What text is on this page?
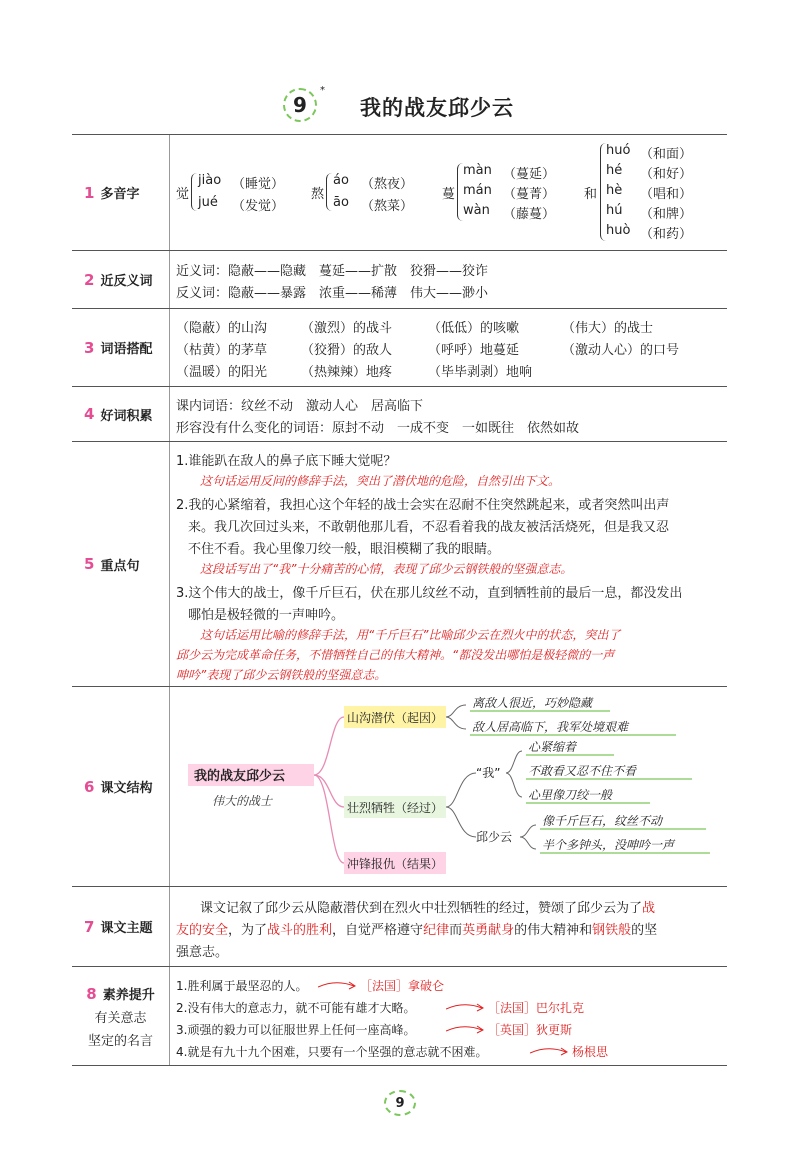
9
*
我的战友邱少云
1 多音字	觉
jiào （睡觉）
jué （发觉）
熬
áo （熬夜）
āo （熬菜）
蔓
màn （蔓延）
mán （蔓菁）
wàn （藤蔓）
和
huó （和面）
hé （和好）
hè （唱和）
hú （和牌）
huò （和药）
2 近反义词
近义词：隐蔽——隐藏　蔓延——扩散　狡猾——狡诈
反义词：隐蔽——暴露　浓重——稀薄　伟大——渺小
3 词语搭配
（隐蔽）的山沟	（激烈）的战斗	（低低）的咳嗽	（伟大）的战士
（枯黄）的茅草	（狡猾）的敌人	（呼呼）地蔓延	（激动人心）的口号
（温暖）的阳光	（热辣辣）地疼	（毕毕剥剥）地响
4 好词积累
课内词语：纹丝不动　激动人心　居高临下
形容没有什么变化的词语：原封不动　一成不变　一如既往　依然如故
5 重点句
1.谁能趴在敌人的鼻子底下睡大觉呢？
这句话运用反问的修辞手法，突出了潜伏地的危险，自然引出下文。
2.我的心紧缩着，我担心这个年轻的战士会实在忍耐不住突然跳起来，或者突然叫出声
来。我几次回过头来，不敢朝他那儿看，不忍看着我的战友被活活烧死，但是我又忍
不住不看。我心里像刀绞一般，眼泪模糊了我的眼睛。
这段话写出了“我”十分痛苦的心情，表现了邱少云钢铁般的坚强意志。
3.这个伟大的战士，像千斤巨石，伏在那儿纹丝不动，直到牺牲前的最后一息，都没发出
哪怕是极轻微的一声呻吟。
这句话运用比喻的修辞手法，用“千斤巨石”比喻邱少云在烈火中的状态，突出了
邱少云为完成革命任务，不惜牺牲自己的伟大精神。“都没发出哪怕是极轻微的一声
呻吟”表现了邱少云钢铁般的坚强意志。
6 课文结构
我的战友邱少云
伟大的战士
山沟潜伏（起因）
离敌人很近，巧妙隐藏
敌人居高临下，我军处境艰难
壮烈牺牲（经过）
“我”
心紧缩着
不敢看又忍不住不看
心里像刀绞一般
邱少云
像千斤巨石，纹丝不动
半个多钟头，没呻吟一声
冲锋报仇（结果）
7 课文主题
课文记叙了邱少云从隐蔽潜伏到在烈火中壮烈牺牲的经过，赞颂了邱少云为了战
友的安全，为了战斗的胜利，自觉严格遵守纪律而英勇献身的伟大精神和钢铁般的坚
强意志。
8 素养提升
有关意志
坚定的名言
1.胜利属于最坚忍的人。	［法国］拿破仑
2.没有伟大的意志力，就不可能有雄才大略。	［法国］巴尔扎克
3.顽强的毅力可以征服世界上任何一座高峰。	［英国］狄更斯
4.就是有九十九个困难，只要有一个坚强的意志就不困难。	杨根思
9
